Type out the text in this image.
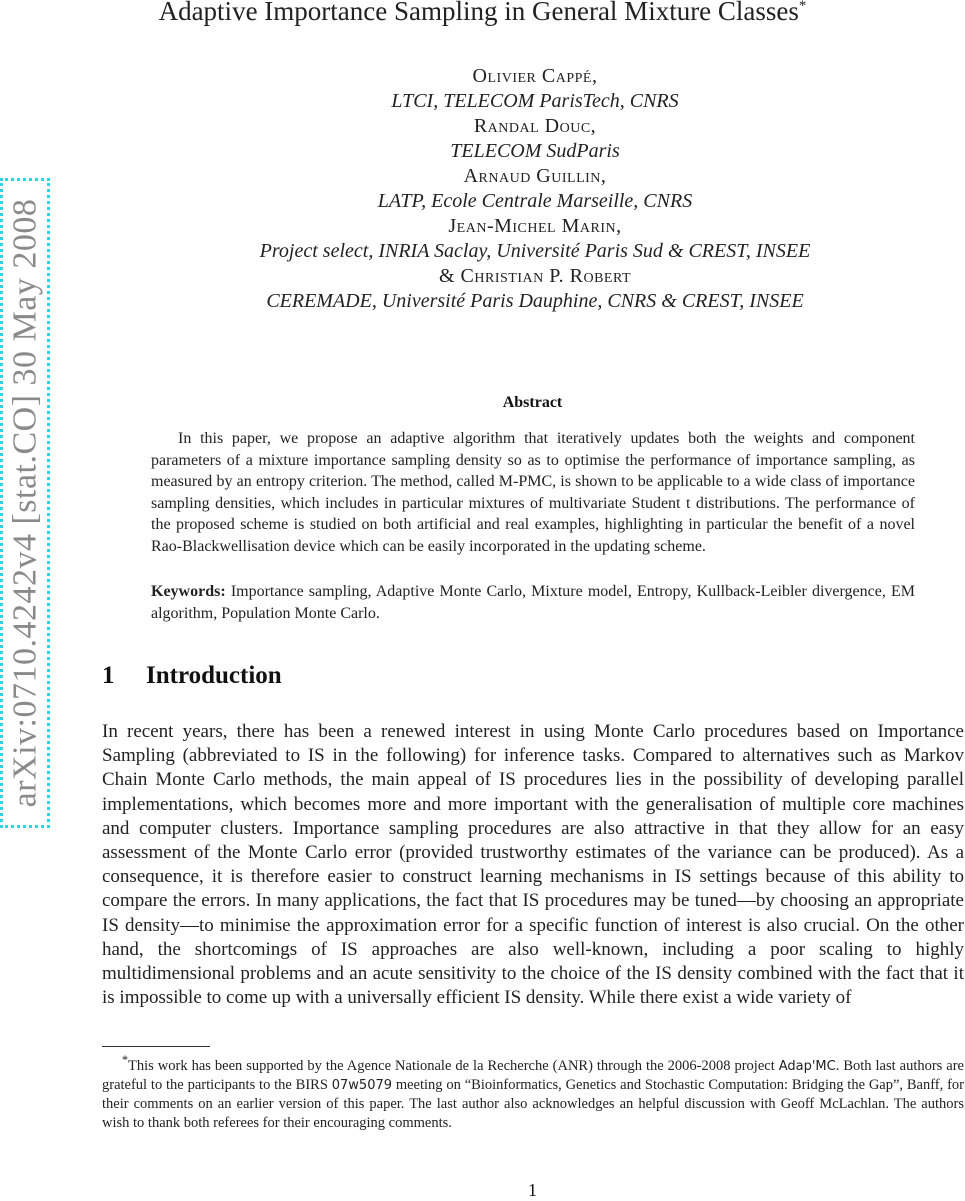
arXiv:0710.4242v4 [stat.CO] 30 May 2008
Adaptive Importance Sampling in General Mixture Classes*
Olivier Cappé,
LTCI, TELECOM ParisTech, CNRS
Randal Douc,
TELECOM SudParis
Arnaud Guillin,
LATP, Ecole Centrale Marseille, CNRS
Jean-Michel Marin,
Project select, INRIA Saclay, Université Paris Sud & CREST, INSEE
& Christian P. Robert
CEREMADE, Université Paris Dauphine, CNRS & CREST, INSEE
Abstract
In this paper, we propose an adaptive algorithm that iteratively updates both the weights and component parameters of a mixture importance sampling density so as to optimise the performance of importance sampling, as measured by an entropy criterion. The method, called M-PMC, is shown to be applicable to a wide class of importance sampling densities, which includes in particular mixtures of multivariate Student t distributions. The performance of the proposed scheme is studied on both artificial and real examples, highlighting in particular the benefit of a novel Rao-Blackwellisation device which can be easily incorporated in the updating scheme.
Keywords: Importance sampling, Adaptive Monte Carlo, Mixture model, Entropy, Kullback-Leibler divergence, EM algorithm, Population Monte Carlo.
1 Introduction
In recent years, there has been a renewed interest in using Monte Carlo procedures based on Importance Sampling (abbreviated to IS in the following) for inference tasks. Compared to alternatives such as Markov Chain Monte Carlo methods, the main appeal of IS procedures lies in the possibility of developing parallel implementations, which becomes more and more important with the generalisation of multiple core machines and computer clusters. Importance sampling procedures are also attractive in that they allow for an easy assessment of the Monte Carlo error (provided trustworthy estimates of the variance can be produced). As a consequence, it is therefore easier to construct learning mechanisms in IS settings because of this ability to compare the errors. In many applications, the fact that IS procedures may be tuned—by choosing an appropriate IS density—to minimise the approximation error for a specific function of interest is also crucial. On the other hand, the shortcomings of IS approaches are also well-known, including a poor scaling to highly multidimensional problems and an acute sensitivity to the choice of the IS density combined with the fact that it is impossible to come up with a universally efficient IS density. While there exist a wide variety of
*This work has been supported by the Agence Nationale de la Recherche (ANR) through the 2006-2008 project Adap'MC. Both last authors are grateful to the participants to the BIRS 07w5079 meeting on “Bioinformatics, Genetics and Stochastic Computation: Bridging the Gap”, Banff, for their comments on an earlier version of this paper. The last author also acknowledges an helpful discussion with Geoff McLachlan. The authors wish to thank both referees for their encouraging comments.
1
